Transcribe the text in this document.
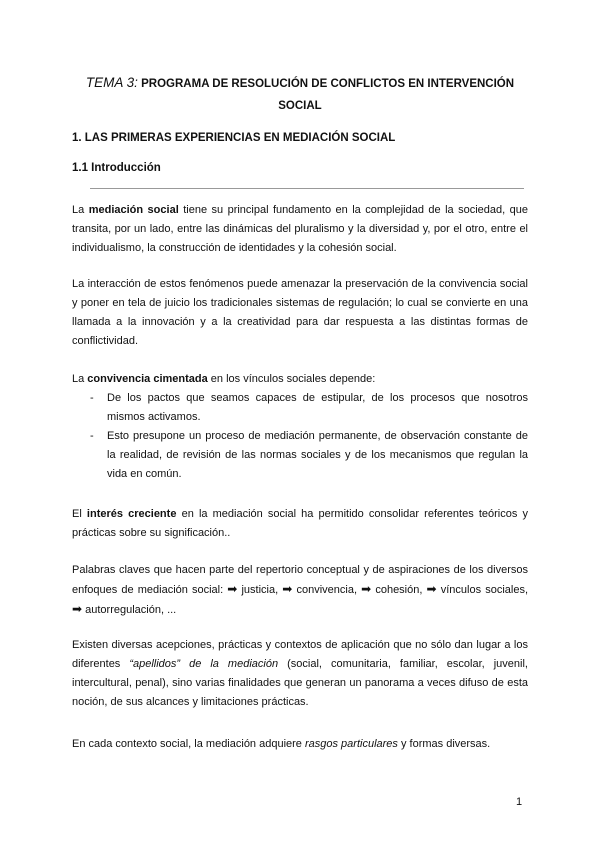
TEMA 3: PROGRAMA DE RESOLUCIÓN DE CONFLICTOS EN INTERVENCIÓN
SOCIAL
1. LAS PRIMERAS EXPERIENCIAS EN MEDIACIÓN SOCIAL
1.1 Introducción

La mediación social tiene su principal fundamento en la complejidad de la sociedad, que transita, por un lado, entre las dinámicas del pluralismo y la diversidad y, por el otro, entre el individualismo, la construcción de identidades y la cohesión social.

La interacción de estos fenómenos puede amenazar la preservación de la convivencia social y poner en tela de juicio los tradicionales sistemas de regulación; lo cual se convierte en una llamada a la innovación y a la creatividad para dar respuesta a las distintas formas de conflictividad.

La convivencia cimentada en los vínculos sociales depende:

- De los pactos que seamos capaces de estipular, de los procesos que nosotros mismos activamos.
- Esto presupone un proceso de mediación permanente, de observación constante de la realidad, de revisión de las normas sociales y de los mecanismos que regulan la vida en común.

El interés creciente en la mediación social ha permitido consolidar referentes teóricos y prácticas sobre su significación..

Palabras claves que hacen parte del repertorio conceptual y de aspiraciones de los diversos enfoques de mediación social: ➡ justicia, ➡ convivencia, ➡ cohesión, ➡ vínculos sociales, ➡ autorregulación, ...

Existen diversas acepciones, prácticas y contextos de aplicación que no sólo dan lugar a los diferentes “apellidos” de la mediación (social, comunitaria, familiar, escolar, juvenil, intercultural, penal), sino varias finalidades que generan un panorama a veces difuso de esta noción, de sus alcances y limitaciones prácticas.

En cada contexto social, la mediación adquiere rasgos particulares y formas diversas.

1
